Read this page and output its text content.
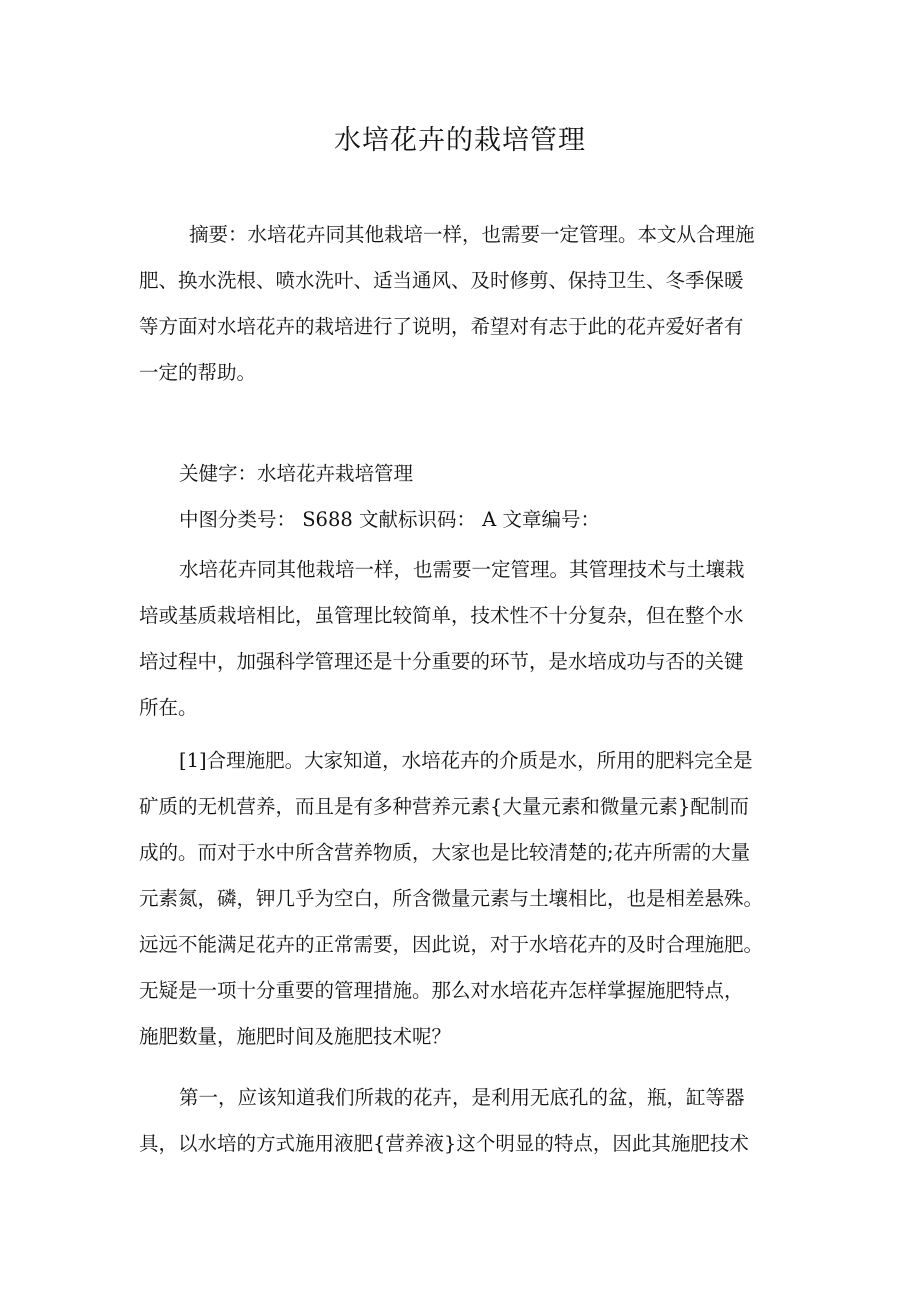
水培花卉的栽培管理
摘要：水培花卉同其他栽培一样，也需要一定管理。本文从合理施
肥、换水洗根、喷水洗叶、适当通风、及时修剪、保持卫生、冬季保暖
等方面对水培花卉的栽培进行了说明，希望对有志于此的花卉爱好者有
一定的帮助。
关健字：水培花卉栽培管理
中图分类号： S688 文献标识码： A 文章编号：
水培花卉同其他栽培一样，也需要一定管理。其管理技术与土壤栽
培或基质栽培相比，虽管理比较简单，技术性不十分复杂，但在整个水
培过程中，加强科学管理还是十分重要的环节，是水培成功与否的关键
所在。
[1]合理施肥。大家知道，水培花卉的介质是水，所用的肥料完全是
矿质的无机营养，而且是有多种营养元素{大量元素和微量元素}配制而
成的。而对于水中所含营养物质，大家也是比较清楚的;花卉所需的大量
元素氮，磷，钾几乎为空白，所含微量元素与土壤相比，也是相差悬殊。
远远不能满足花卉的正常需要，因此说，对于水培花卉的及时合理施肥。
无疑是一项十分重要的管理措施。那么对水培花卉怎样掌握施肥特点，
施肥数量，施肥时间及施肥技术呢？
第一，应该知道我们所栽的花卉，是利用无底孔的盆，瓶，缸等器
具，以水培的方式施用液肥{营养液}这个明显的特点，因此其施肥技术
